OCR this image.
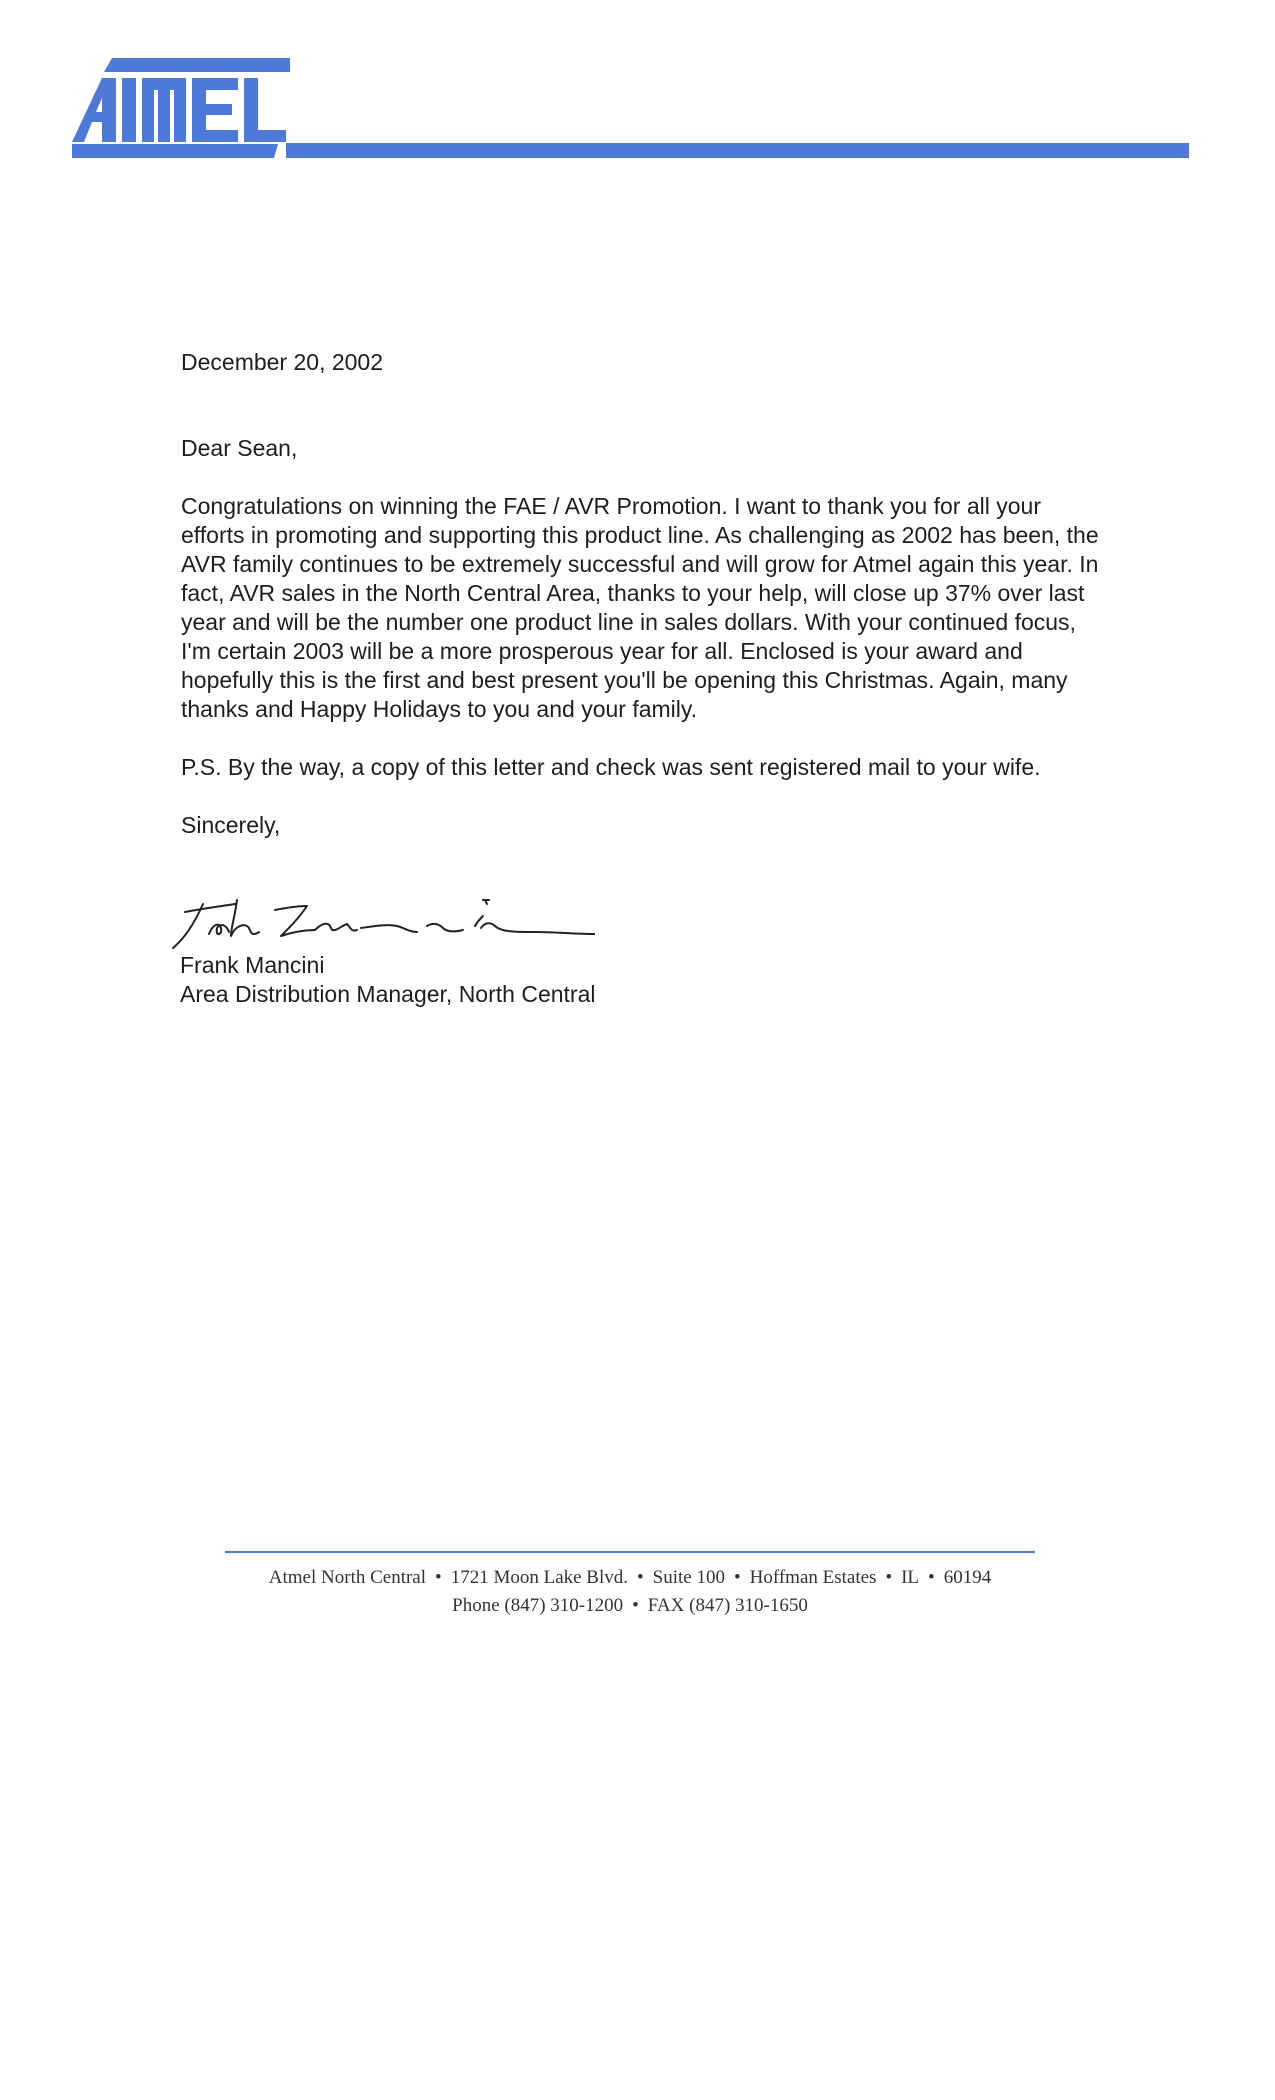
December 20, 2002

Dear Sean,

Congratulations on winning the FAE / AVR Promotion. I want to thank you for all your efforts in promoting and supporting this product line. As challenging as 2002 has been, the AVR family continues to be extremely successful and will grow for Atmel again this year. In fact, AVR sales in the North Central Area, thanks to your help, will close up 37% over last year and will be the number one product line in sales dollars. With your continued focus, I'm certain 2003 will be a more prosperous year for all. Enclosed is your award and hopefully this is the first and best present you'll be opening this Christmas. Again, many thanks and Happy Holidays to you and your family.

P.S. By the way, a copy of this letter and check was sent registered mail to your wife.

Sincerely,

Frank Mancini
Area Distribution Manager, North Central
Atmel North Central • 1721 Moon Lake Blvd. • Suite 100 • Hoffman Estates • IL • 60194
Phone (847) 310-1200 • FAX (847) 310-1650
